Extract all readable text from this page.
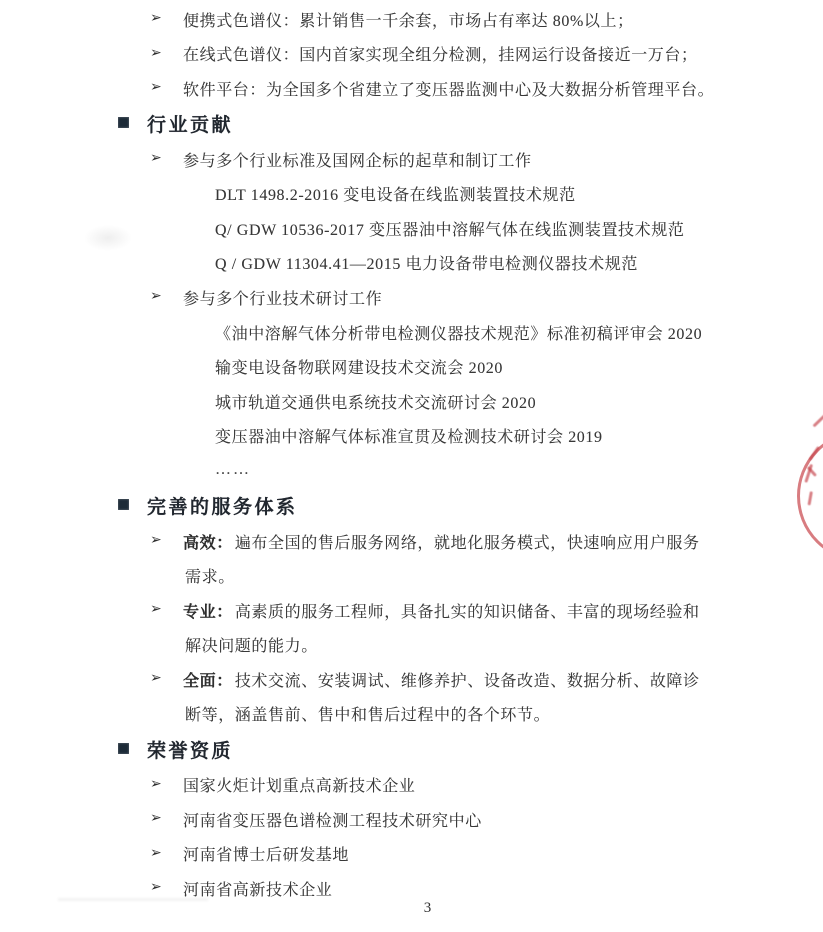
➢	便携式色谱仪：累计销售一千余套，市场占有率达 80%以上；
➢	在线式色谱仪：国内首家实现全组分检测，挂网运行设备接近一万台；
➢	软件平台：为全国多个省建立了变压器监测中心及大数据分析管理平台。
行业贡献
➢	参与多个行业标准及国网企标的起草和制订工作
DLT 1498.2-2016 变电设备在线监测装置技术规范
Q/ GDW 10536-2017 变压器油中溶解气体在线监测装置技术规范
Q / GDW 11304.41—2015 电力设备带电检测仪器技术规范
➢	参与多个行业技术研讨工作
《油中溶解气体分析带电检测仪器技术规范》标准初稿评审会 2020
输变电设备物联网建设技术交流会 2020
城市轨道交通供电系统技术交流研讨会 2020
变压器油中溶解气体标准宣贯及检测技术研讨会 2019
……
完善的服务体系
➢	高效： 遍布全国的售后服务网络，就地化服务模式，快速响应用户服务
需求。
➢	专业： 高素质的服务工程师，具备扎实的知识储备、丰富的现场经验和
解决问题的能力。
➢	全面： 技术交流、安装调试、维修养护、设备改造、数据分析、故障诊
断等，涵盖售前、售中和售后过程中的各个环节。
荣誉资质
➢	国家火炬计划重点高新技术企业
➢	河南省变压器色谱检测工程技术研究中心
➢	河南省博士后研发基地
➢	河南省高新技术企业
3
